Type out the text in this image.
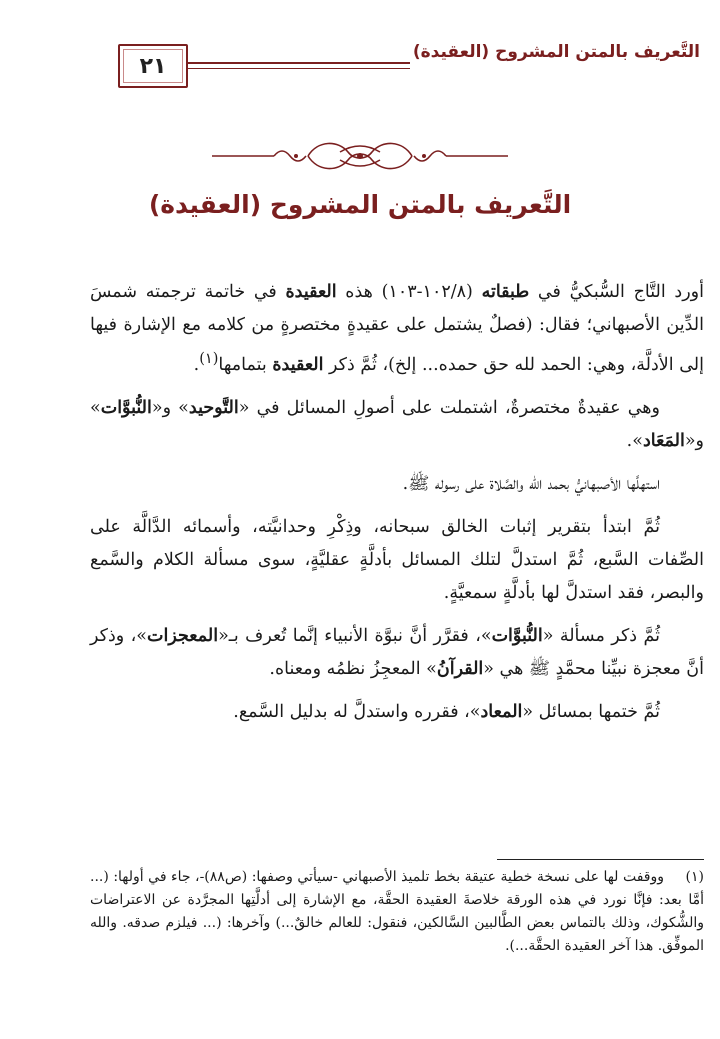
التَّعريف بالمتن المشروح (العقيدة)
٢١
التَّعريف بالمتن المشروح (العقيدة)

أورد التَّاج السُّبكيُّ في طبقاته (١٠٢/٨-١٠٣) هذه العقيدة في خاتمة ترجمته شمسَ الدِّين الأصبهاني؛ فقال: (فصلٌ يشتمل على عقيدةٍ مختصرةٍ من كلامه مع الإشارة فيها إلى الأدلَّة، وهي: الحمد لله حق حمده... إلخ)، ثُمَّ ذكر العقيدة بتمامها$^{(١)}$.

وهي عقيدةٌ مختصرةٌ، اشتملت على أصولِ المسائل في «التَّوحيد» و«النُّبوَّات» و«المَعَاد».

استهلَّها الأصبهانيُّ بحمد الله والصَّلاة على رسوله ﷺ.

ثُمَّ ابتدأ بتقرير إثبات الخالق سبحانه، وذِكْرِ وحدانيَّته، وأسمائه الدَّالَّة على الصِّفات السَّبع، ثُمَّ استدلَّ لتلك المسائل بأدلَّةٍ عقليَّةٍ، سوى مسألة الكلام والسَّمع والبصر، فقد استدلَّ لها بأدلَّةٍ سمعيَّةٍ.

ثُمَّ ذكر مسألة «النُّبوَّات»، فقرَّر أنَّ نبوَّة الأنبياء إنَّما تُعرف بـ«المعجزات»، وذكر أنَّ معجزة نبيِّنا محمَّدٍ ﷺ هي «القرآنُ» المعجِزُ نظمُه ومعناه.

ثُمَّ ختمها بمسائل «المعاد»، فقرره واستدلَّ له بدليل السَّمع.

(١)ووقفت لها على نسخة خطية عتيقة بخط تلميذ الأصبهاني -سيأتي وصفها: (ص٨٨)-، جاء في أولها: (... أمَّا بعد: فإنَّا نورد في هذه الورقة خلاصةَ العقيدة الحقَّة، مع الإشارة إلى أدلَّتِها المجرَّدة عن الاعتراضات والشُّكوك، وذلك بالتماس بعض الطَّالبين السَّالكين، فنقول: للعالم خالقٌ...) وآخرها: (... فيلزم صدقه. والله الموفِّق. هذا آخر العقيدة الحقَّة...).
